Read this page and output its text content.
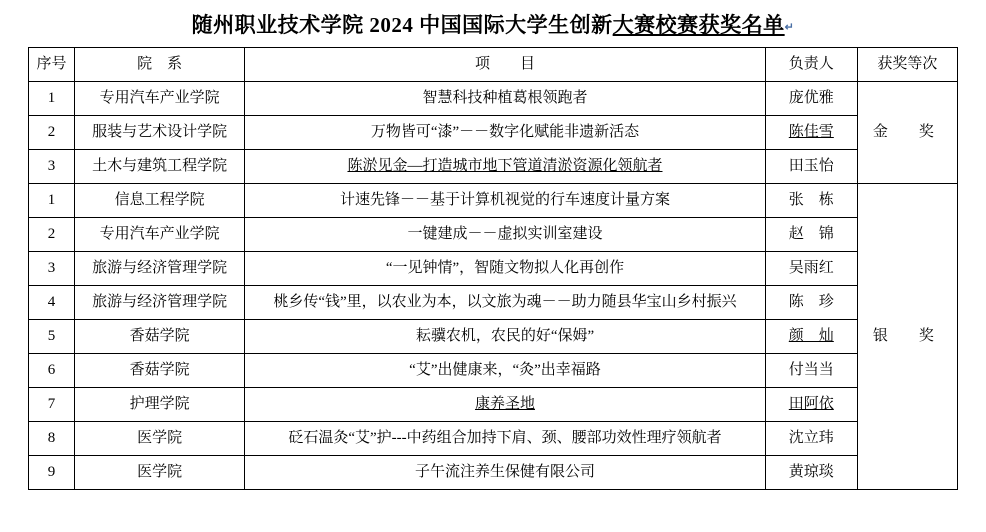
随州职业技术学院 2024 中国国际大学生创新大赛校赛获奖名单↵
序号	院　系	项　　目	负责人	获奖等次
1	专用汽车产业学院	智慧科技种植葛根领跑者	庞优雅	金　奖
2	服装与艺术设计学院	万物皆可“漆”－－数字化赋能非遗新活态	陈佳雪	
3	土木与建筑工程学院	陈淤见金—打造城市地下管道清淤资源化领航者	田玉怡	
1	信息工程学院	计速先锋－－基于计算机视觉的行车速度计量方案	张　栋	银　奖
2	专用汽车产业学院	一键建成－－虚拟实训室建设	赵　锦	
3	旅游与经济管理学院	“一见钟情”，智随文物拟人化再创作	吴雨红	
4	旅游与经济管理学院	桃乡传“钱”里，以农业为本，以文旅为魂－－助力随县华宝山乡村振兴	陈　珍	
5	香菇学院	耘骥农机，农民的好“保姆”	颜　灿	
6	香菇学院	“艾”出健康来，“灸”出幸福路	付当当	
7	护理学院	康养圣地	田阿依	
8	医学院	砭石温灸“艾”护---中药组合加持下肩、颈、腰部功效性理疗领航者	沈立玮	
9	医学院	子午流注养生保健有限公司	黄琼琰	
